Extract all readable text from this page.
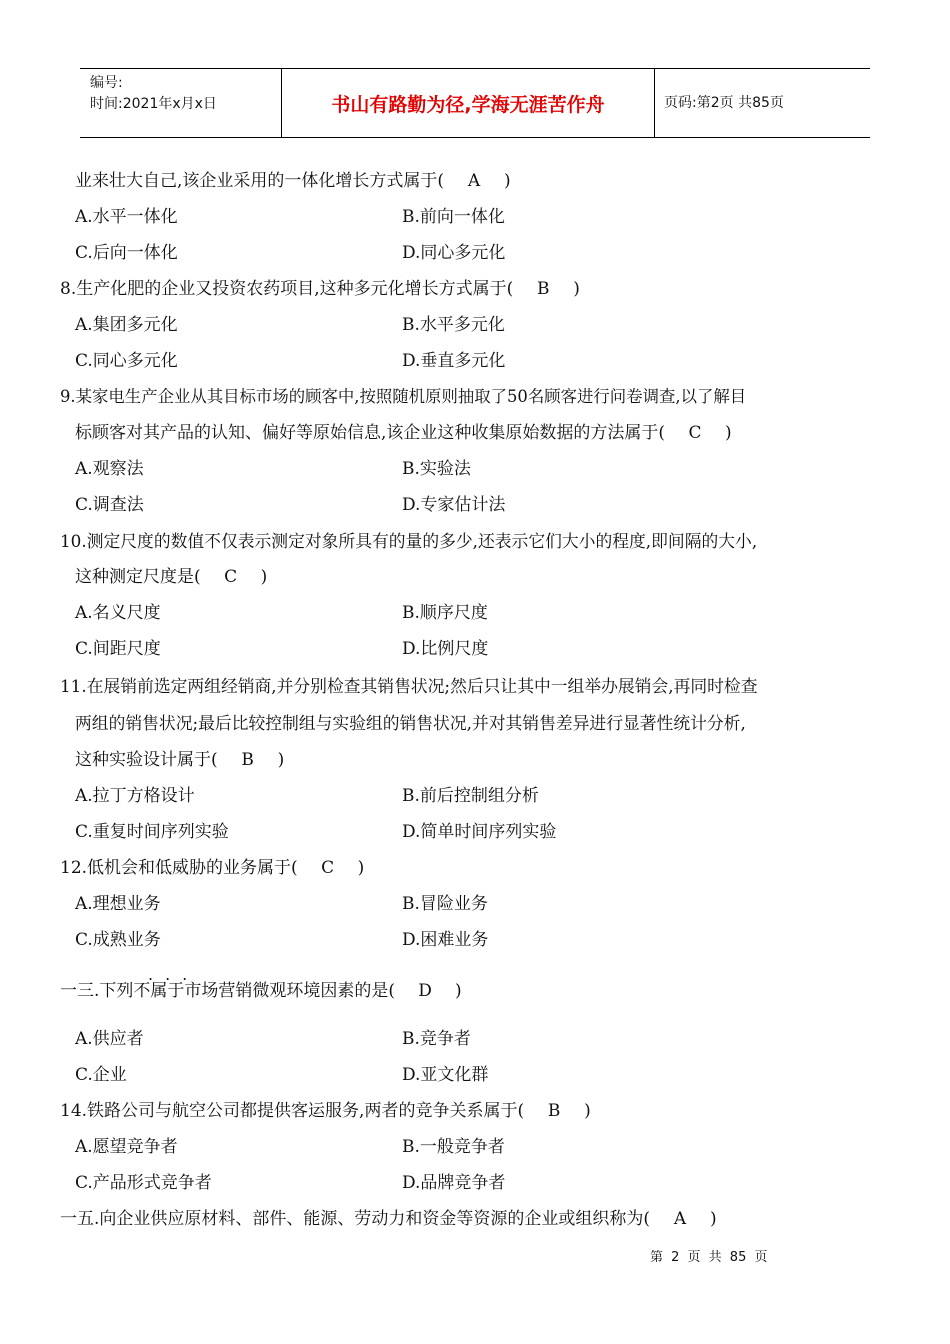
编号:
时间:2021年x月x日	书山有路勤为径,学海无涯苦作舟	页码:第2页 共85页
业来壮大自己,该企业采用的一体化增长方式属于( A )
A.水平一体化	B.前向一体化
C.后向一体化	D.同心多元化
8.生产化肥的企业又投资农药项目,这种多元化增长方式属于( B )
A.集团多元化	B.水平多元化
C.同心多元化	D.垂直多元化
9.某家电生产企业从其目标市场的顾客中,按照随机原则抽取了50名顾客进行问卷调查,以了解目
标顾客对其产品的认知、偏好等原始信息,该企业这种收集原始数据的方法属于( C )
A.观察法	B.实验法
C.调查法	D.专家估计法
10.测定尺度的数值不仅表示测定对象所具有的量的多少,还表示它们大小的程度,即间隔的大小,
这种测定尺度是( C )
A.名义尺度	B.顺序尺度
C.间距尺度	D.比例尺度
11.在展销前选定两组经销商,并分别检查其销售状况;然后只让其中一组举办展销会,再同时检查
两组的销售状况;最后比较控制组与实验组的销售状况,并对其销售差异进行显著性统计分析,
这种实验设计属于( B )
A.拉丁方格设计	B.前后控制组分析
C.重复时间序列实验	D.简单时间序列实验
12.低机会和低威胁的业务属于( C )
A.理想业务	B.冒险业务
C.成熟业务	D.困难业务
...
一三.下列不属于市场营销微观环境因素的是( D )
A.供应者	B.竞争者
C.企业	D.亚文化群
14.铁路公司与航空公司都提供客运服务,两者的竞争关系属于( B )
A.愿望竞争者	B.一般竞争者
C.产品形式竞争者	D.品牌竞争者
一五.向企业供应原材料、部件、能源、劳动力和资金等资源的企业或组织称为( A )
第 2 页 共 85 页
